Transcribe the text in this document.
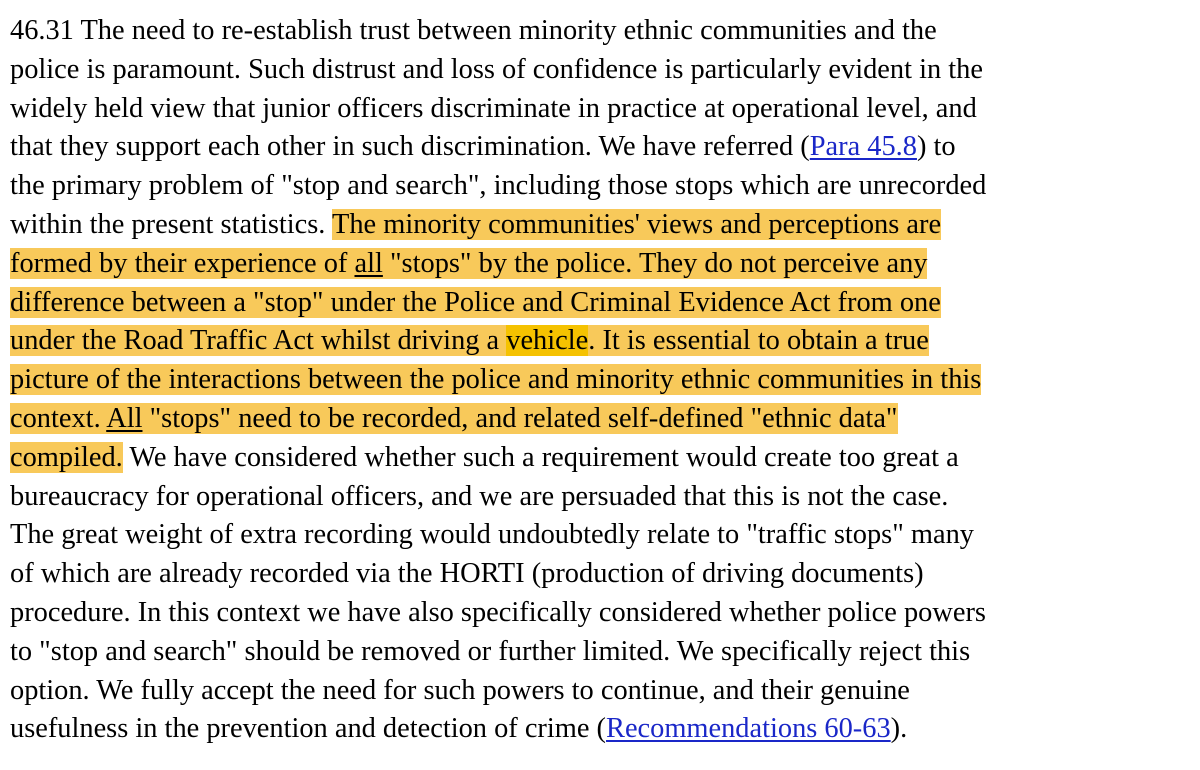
46.31 The need to re-establish trust between minority ethnic communities and the
police is paramount. Such distrust and loss of confidence is particularly evident in the
widely held view that junior officers discriminate in practice at operational level, and
that they support each other in such discrimination. We have referred (Para 45.8) to
the primary problem of "stop and search", including those stops which are unrecorded
within the present statistics. The minority communities' views and perceptions are
formed by their experience of all "stops" by the police. They do not perceive any
difference between a "stop" under the Police and Criminal Evidence Act from one
under the Road Traffic Act whilst driving a vehicle. It is essential to obtain a true
picture of the interactions between the police and minority ethnic communities in this
context. All "stops" need to be recorded, and related self-defined "ethnic data"
compiled. We have considered whether such a requirement would create too great a
bureaucracy for operational officers, and we are persuaded that this is not the case.
The great weight of extra recording would undoubtedly relate to "traffic stops" many
of which are already recorded via the HORTI (production of driving documents)
procedure. In this context we have also specifically considered whether police powers
to "stop and search" should be removed or further limited. We specifically reject this
option. We fully accept the need for such powers to continue, and their genuine
usefulness in the prevention and detection of crime (Recommendations 60-63).
